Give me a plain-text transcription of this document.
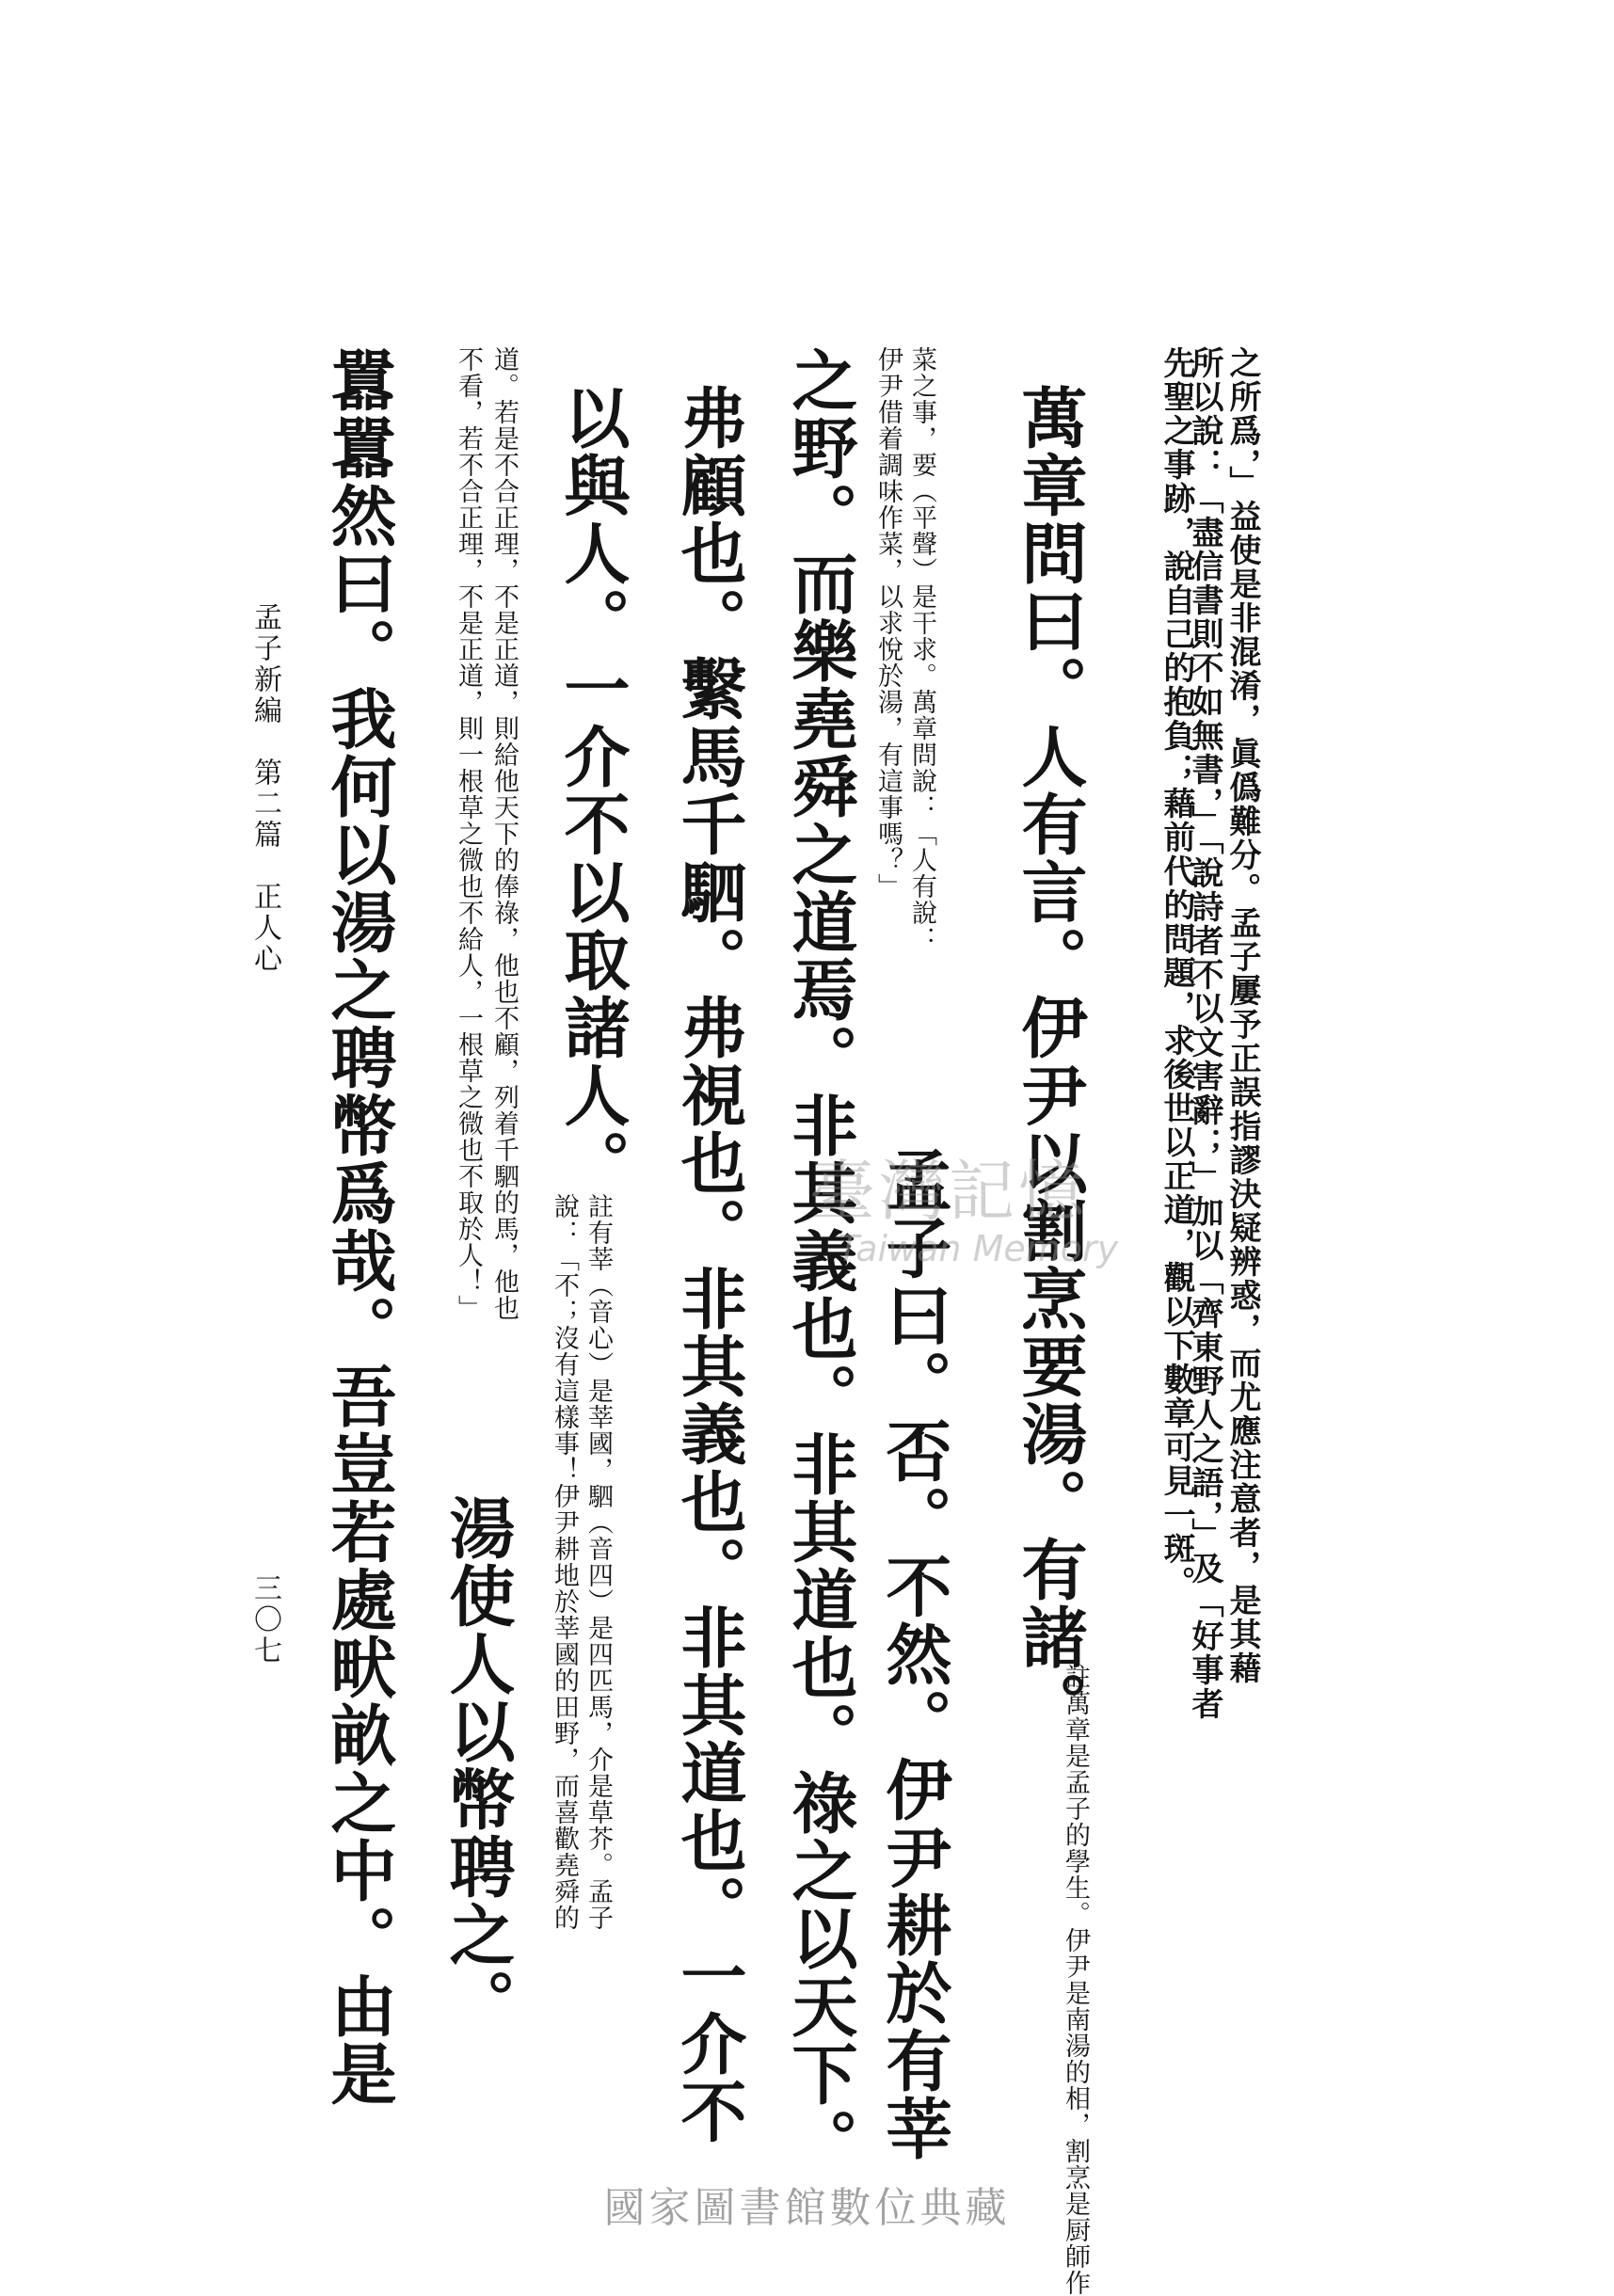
所以說：「盡信書則不如無書，」「說詩者不以文害辭；」加以「齊東野人之語，」及「好事者 之所爲，」益使是非混淆，眞僞難分。孟子屢予正誤指謬決疑辨惑，而尤應注意者，是其藉
先聖之事跡，說自己的抱負；藉前代的問題，求後世以正道，觀以下數章可見一斑。
萬章問曰。人有言。伊尹以割烹要湯。有諸。
註萬章是孟子的學生。伊尹是南湯的相，割烹是厨師作
菜之事，要（平聲）是干求。萬章問說：「人有說：
伊尹借着調味作菜，以求悅於湯，有這事嗎？」
孟子曰。否。不然。伊尹耕於有莘
之野。而樂堯舜之道焉。非其義也。非其道也。祿之以天下。
弗顧也。繫馬千駟。弗視也。非其義也。非其道也。一介不
以與人。一介不以取諸人。
註有莘（音心）是莘國，駟（音四）是四匹馬，介是草芥。孟子
說：「不；沒有這樣事！伊尹耕地於莘國的田野，而喜歡堯舜的
道。若是不合正理，不是正道，則給他天下的俸祿，他也不顧，列着千駟的馬，他也
不看，若不合正理，不是正道，則一根草之微也不給人，一根草之微也不取於人！」
湯使人以幣聘之。
囂囂然曰。我何以湯之聘幣爲哉。吾豈若處畎畝之中。由是
孟子新編　第二篇　正人心
三〇七
臺灣記憶
Taiwan Memory
國家圖書館數位典藏
